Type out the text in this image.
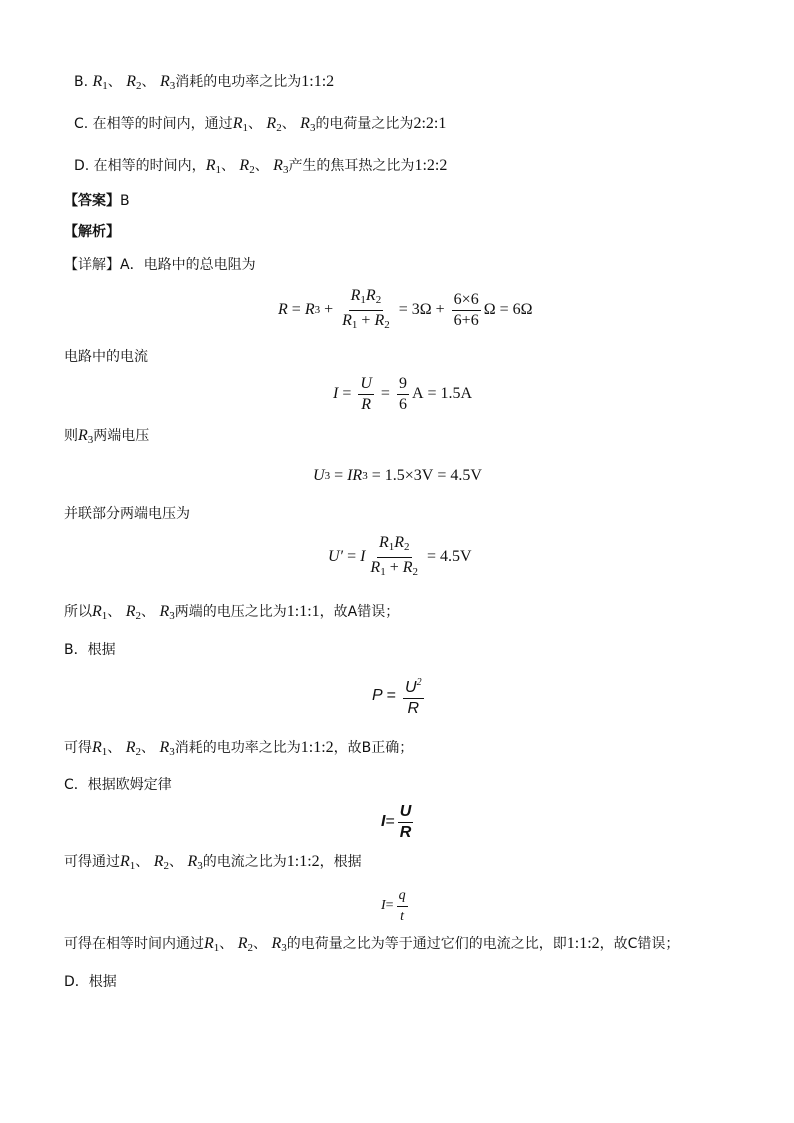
B. $R_1$、 $R_2$、 $R_3$消耗的电功率之比为1:1:2
C. 在相等的时间内，通过$R_1$、 $R_2$、 $R_3$的电荷量之比为2:2:1
D. 在相等的时间内，$R_1$、 $R_2$、 $R_3$产生的焦耳热之比为1:2:2
【答案】B
【解析】
【详解】A．电路中的总电阻为
R = R $3 + \frac{R_1R_2}{R_1 + R_2} = 3\Omega + \frac{6\times 6}{6+6}$ Ω = 6Ω
电路中的电流
$I = \frac{U}{R} = \frac{9}{6}$ A = 1.5A
则$R_3$两端电压
U 3 = I R 3 = 1.5×3V = 4.5V
并联部分两端电压为
U′ = I $\frac{R_1R_2}{R_1 + R_2} = 4.5V$
所以$R_1$、 $R_2$、 $R_3$两端的电压之比为1:1:1，故A错误；
B．根据
$P = \frac{U^2}{R}$
可得$R_1$、 $R_2$、 $R_3$消耗的电功率之比为1:1:2，故B正确；
C．根据欧姆定律
$I = \frac{U}{R}$
可得通过$R_1$、 $R_2$、 $R_3$的电流之比为1:1:2，根据
$I = \frac{q}{t}$
可得在相等时间内通过$R_1$、 $R_2$、 $R_3$的电荷量之比为等于通过它们的电流之比，即1:1:2，故C错误；
D．根据
